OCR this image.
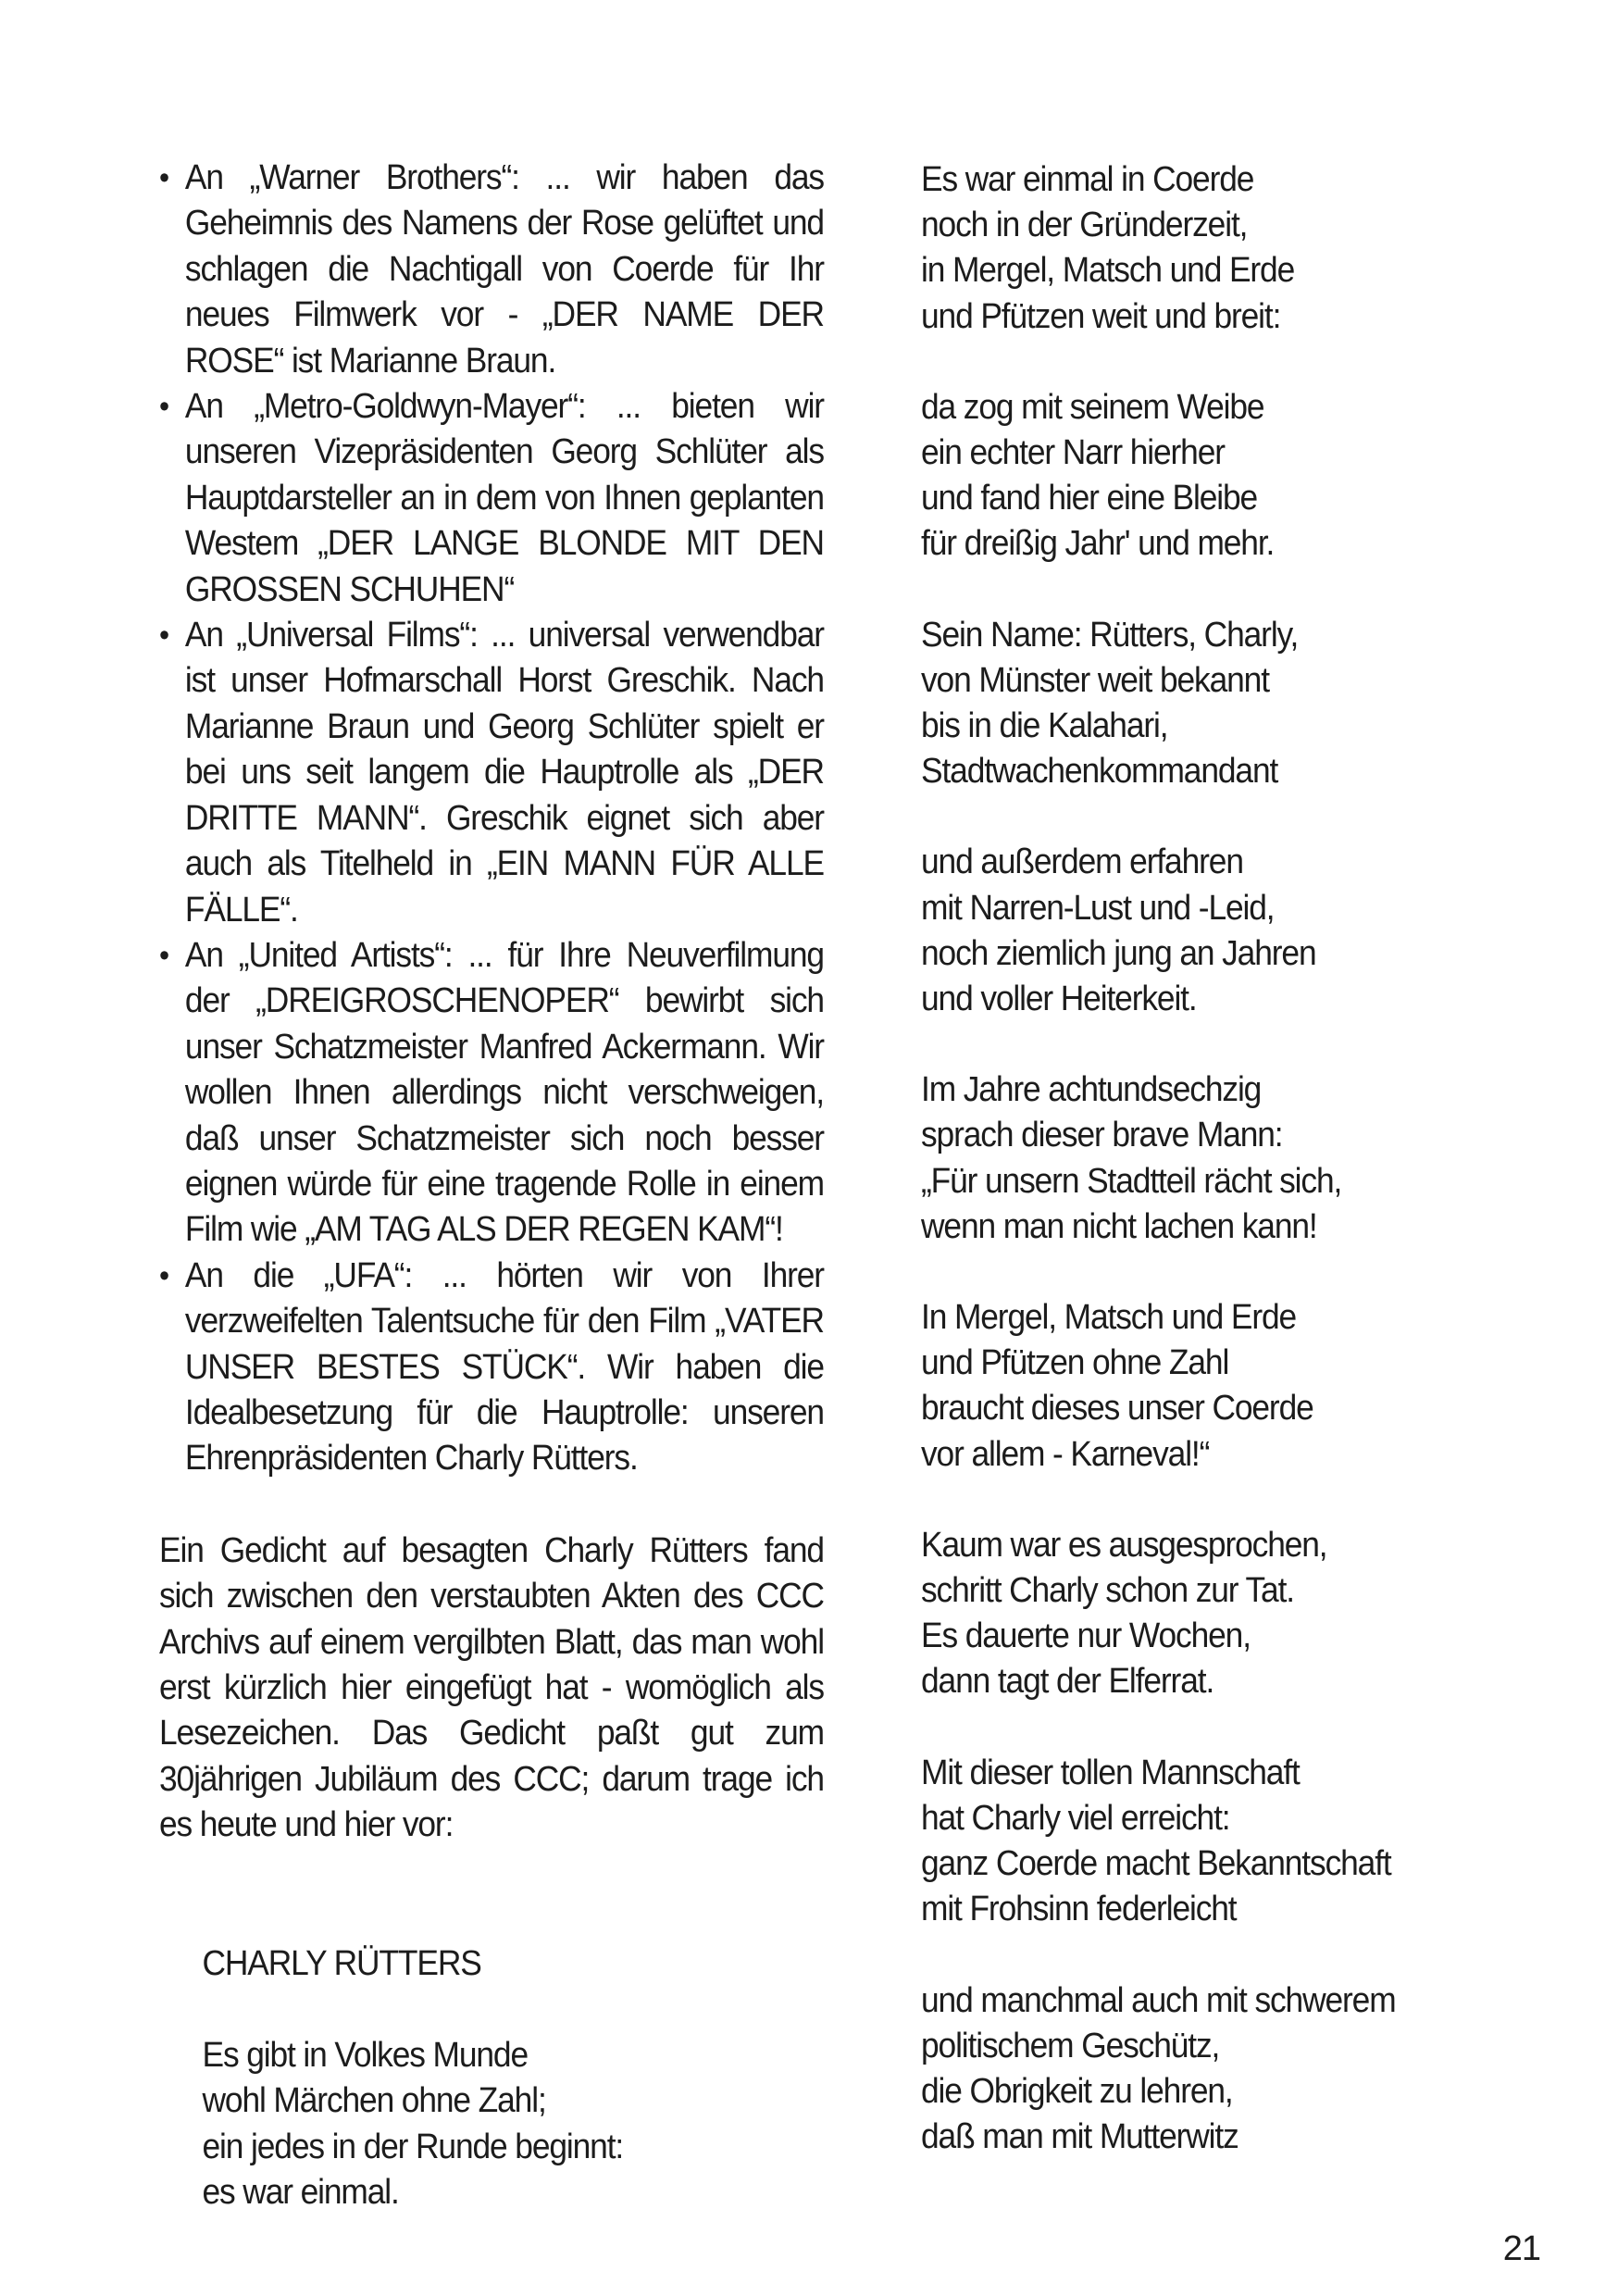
• An „Warner Brothers“: ... wir haben das Geheimnis des Namens der Rose gelüftet und schlagen die Nachtigall von Coerde für Ihr neues Filmwerk vor - „DER NAME DER ROSE“ ist Marianne Braun.
• An „Metro-Goldwyn-Mayer“: ... bieten wir unseren Vizepräsidenten Georg Schlüter als Hauptdarsteller an in dem von Ihnen geplanten Westem „DER LANGE BLONDE MIT DEN GROSSEN SCHUHEN“
• An „Universal Films“: ... universal verwendbar ist unser Hofmarschall Horst Greschik. Nach Marianne Braun und Georg Schlüter spielt er bei uns seit langem die Hauptrolle als „DER DRITTE MANN“. Greschik eignet sich aber auch als Titelheld in „EIN MANN FÜR ALLE FÄLLE“.
• An „United Artists“: ... für Ihre Neuverfilmung der „DREIGROSCHENOPER“ bewirbt sich unser Schatzmeister Manfred Ackermann. Wir wollen Ihnen allerdings nicht verschweigen, daß unser Schatzmeister sich noch besser eignen würde für eine tragende Rolle in einem Film wie „AM TAG ALS DER REGEN KAM“!
• An die „UFA“: ... hörten wir von Ihrer verzweifelten Talentsuche für den Film „VATER UNSER BESTES STÜCK“. Wir haben die Idealbesetzung für die Hauptrolle: unseren Ehrenpräsidenten Charly Rütters.

Ein Gedicht auf besagten Charly Rütters fand sich zwischen den verstaubten Akten des CCC Archivs auf einem vergilbten Blatt, das man wohl erst kürzlich hier eingefügt hat - womöglich als Lesezeichen. Das Gedicht paßt gut zum 30jährigen Jubiläum des CCC; darum trage ich es heute und hier vor:

CHARLY RÜTTERS

Es gibt in Volkes Munde
wohl Märchen ohne Zahl;
ein jedes in der Runde beginnt:
es war einmal.

Es war einmal in Coerde
noch in der Gründerzeit,
in Mergel, Matsch und Erde
und Pfützen weit und breit:

da zog mit seinem Weibe
ein echter Narr hierher
und fand hier eine Bleibe
für dreißig Jahr' und mehr.

Sein Name: Rütters, Charly,
von Münster weit bekannt
bis in die Kalahari,
Stadtwachenkommandant

und außerdem erfahren
mit Narren-Lust und -Leid,
noch ziemlich jung an Jahren
und voller Heiterkeit.

Im Jahre achtundsechzig
sprach dieser brave Mann:
„Für unsern Stadtteil rächt sich,
wenn man nicht lachen kann!

In Mergel, Matsch und Erde
und Pfützen ohne Zahl
braucht dieses unser Coerde
vor allem - Karneval!“

Kaum war es ausgesprochen,
schritt Charly schon zur Tat.
Es dauerte nur Wochen,
dann tagt der Elferrat.

Mit dieser tollen Mannschaft
hat Charly viel erreicht:
ganz Coerde macht Bekanntschaft
mit Frohsinn federleicht

und manchmal auch mit schwerem
politischem Geschütz,
die Obrigkeit zu lehren,
daß man mit Mutterwitz

21
